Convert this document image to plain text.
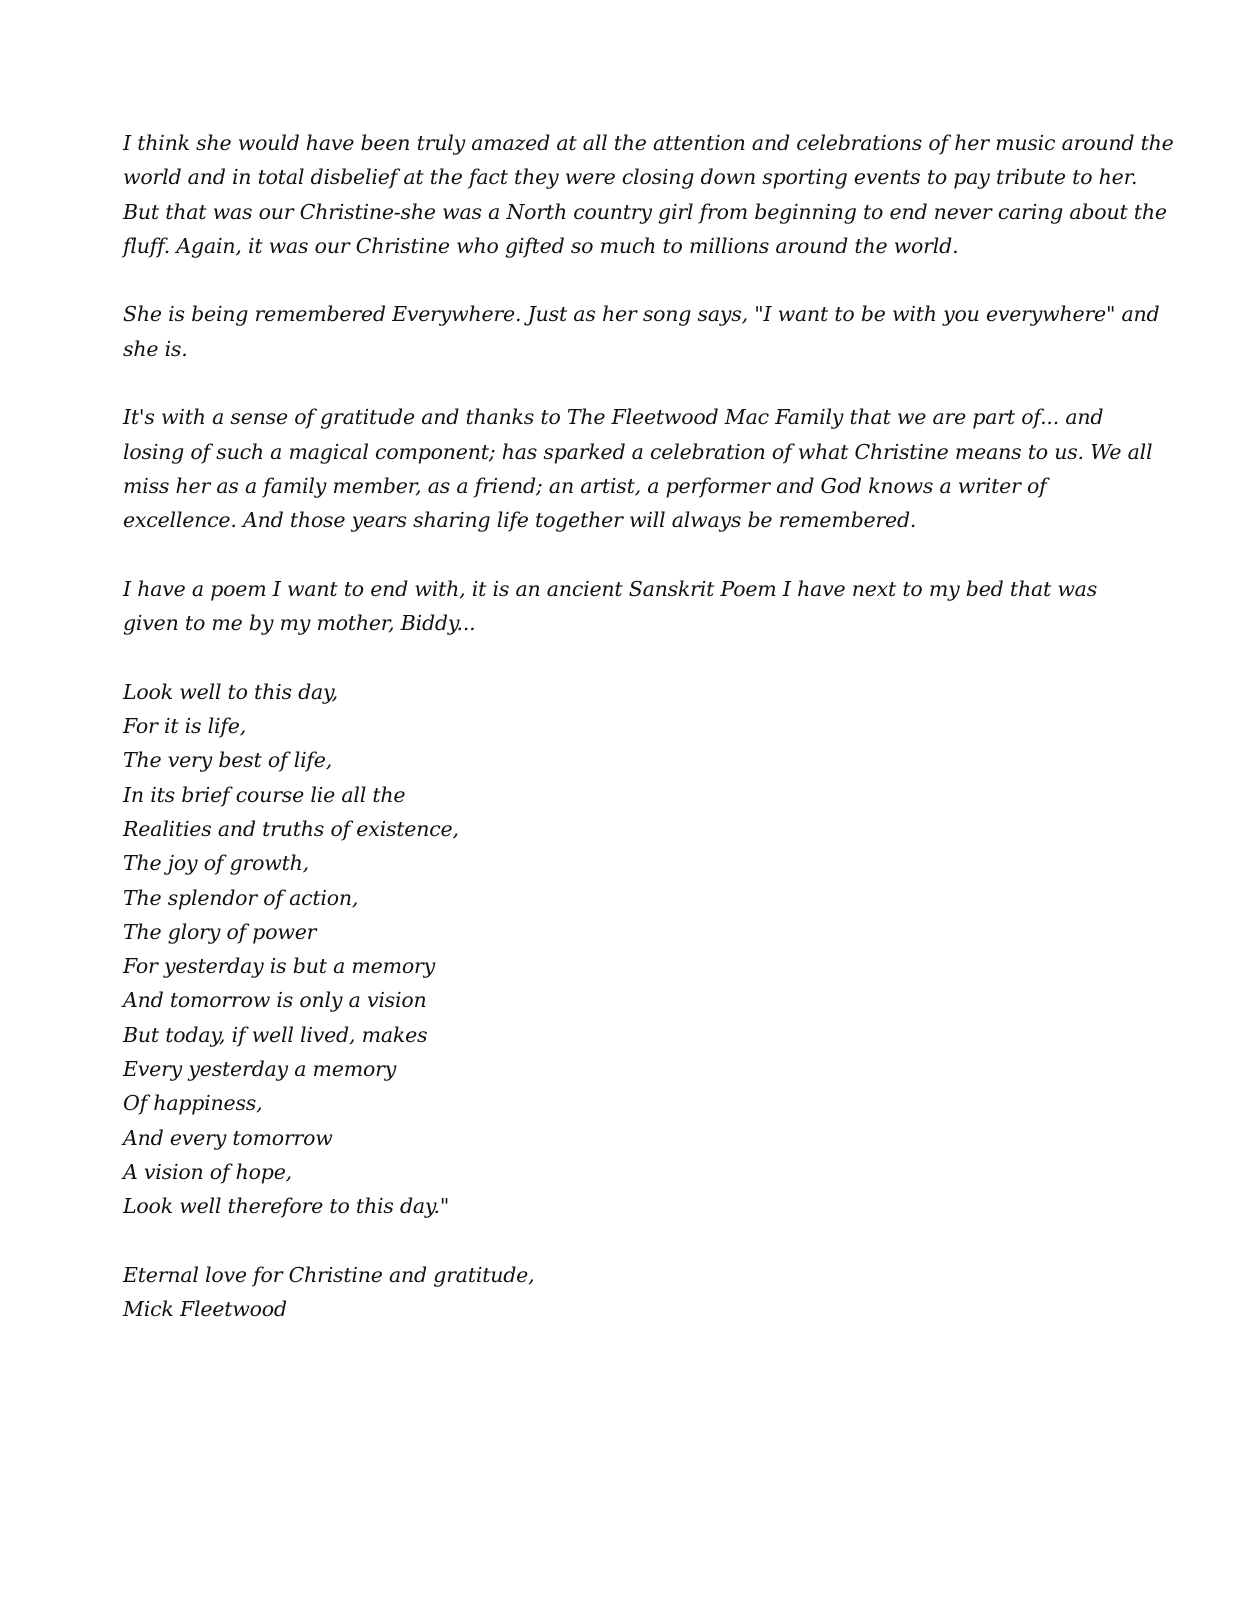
I think she would have been truly amazed at all the attention and celebrations of her music around the
world and in total disbelief at the fact they were closing down sporting events to pay tribute to her.
But that was our Christine-she was a North country girl from beginning to end never caring about the
fluff. Again, it was our Christine who gifted so much to millions around the world.
She is being remembered Everywhere. Just as her song says, "I want to be with you everywhere" and
she is.
It's with a sense of gratitude and thanks to The Fleetwood Mac Family that we are part of... and
losing of such a magical component; has sparked a celebration of what Christine means to us. We all
miss her as a family member, as a friend; an artist, a performer and God knows a writer of
excellence. And those years sharing life together will always be remembered.
I have a poem I want to end with, it is an ancient Sanskrit Poem I have next to my bed that was
given to me by my mother, Biddy...
Look well to this day,
For it is life,
The very best of life,
In its brief course lie all the
Realities and truths of existence,
The joy of growth,
The splendor of action,
The glory of power
For yesterday is but a memory
And tomorrow is only a vision
But today, if well lived, makes
Every yesterday a memory
Of happiness,
And every tomorrow
A vision of hope,
Look well therefore to this day."
Eternal love for Christine and gratitude,
Mick Fleetwood
